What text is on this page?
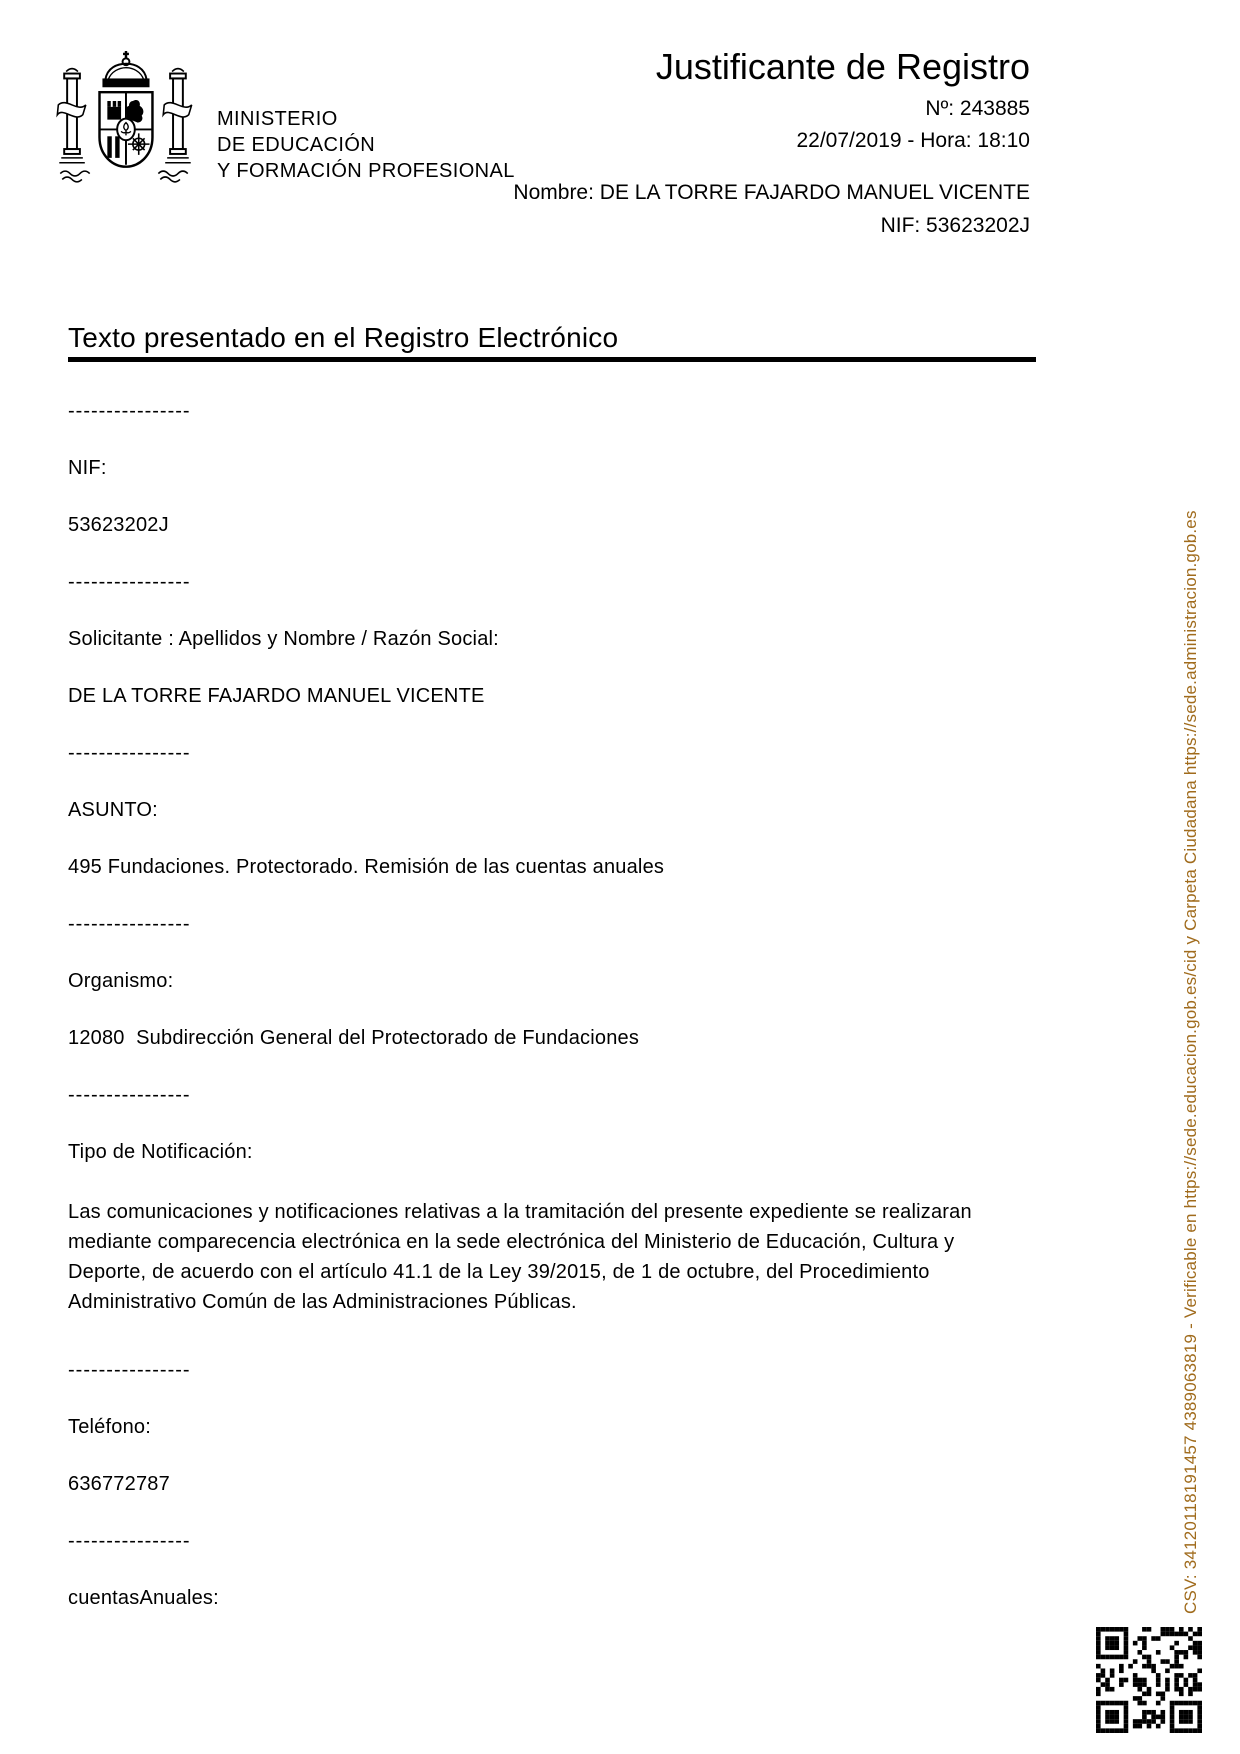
MINISTERIO
DE EDUCACIÓN
Y FORMACIÓN PROFESIONAL
Justificante de Registro
Nº: 243885
22/07/2019 - Hora: 18:10
Nombre: DE LA TORRE FAJARDO MANUEL VICENTE
NIF: 53623202J
Texto presentado en el Registro Electrónico
----------------
NIF:
53623202J
----------------
Solicitante : Apellidos y Nombre / Razón Social:
DE LA TORRE FAJARDO MANUEL VICENTE
----------------
ASUNTO:
495 Fundaciones. Protectorado. Remisión de las cuentas anuales
----------------
Organismo:
12080  Subdirección General del Protectorado de Fundaciones
----------------
Tipo de Notificación:
Las comunicaciones y notificaciones relativas a la tramitación del presente expediente se realizaran mediante comparecencia electrónica en la sede electrónica del Ministerio de Educación, Cultura y Deporte, de acuerdo con el artículo 41.1 de la Ley 39/2015, de 1 de octubre, del Procedimiento Administrativo Común de las Administraciones Públicas.
----------------
Teléfono:
636772787
----------------
cuentasAnuales:	CSV: 34120118191457 4389063819 - Verificable en https://sede.educacion.gob.es/cid y Carpeta Ciudadana https://sede.administracion.gob.es
